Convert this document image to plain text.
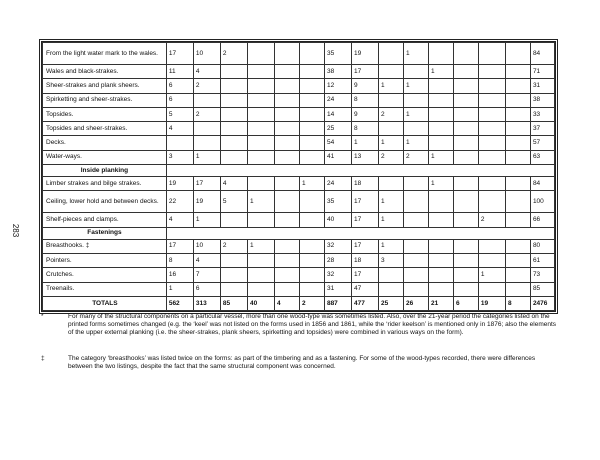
283
From the light water mark to the wales.	17	10	2				35	19		1					84
Wales and black-strakes.	11	4					38	17			1				71
Sheer-strakes and plank sheers.	6	2					12	9	1	1					31
Spirketting and sheer-strakes.	6						24	8							38
Topsides.	5	2					14	9	2	1					33
Topsides and sheer-strakes.	4						25	8							37
Decks.							54	1	1	1					57
Water-ways.	3	1					41	13	2	2	1				63
Inside planking															
Limber strakes and bilge strakes.	19	17	4			1	24	18			1				84
Ceiling, lower hold and between decks.	22	19	5	1			35	17	1						100
Shelf-pieces and clamps.	4	1					40	17	1				2		66
Fastenings															
Breasthooks. ‡	17	10	2	1			32	17	1						80
Pointers.	8	4					28	18	3						61
Crutches.	16	7					32	17					1		73
Treenails.	1	6					31	47							85
TOTALS	562	313	85	40	4	2	887	477	25	26	21	6	19	8	2476
*	For many of the structural components on a particular vessel, more than one wood-type was sometimes listed. Also, over the 21-year period the categories listed on the printed forms sometimes changed (e.g. the ‘keel’ was not listed on the forms used in 1856 and 1861, while the ‘rider keelson’ is mentioned only in 1876; also the elements of the upper external planking (i.e. the sheer-strakes, plank sheers, spirketting and topsides) were combined in various ways on the form).
‡	The category ‘breasthooks’ was listed twice on the forms: as part of the timbering and as a fastening. For some of the wood-types recorded, there were differences between the two listings, despite the fact that the same structural component was concerned.
